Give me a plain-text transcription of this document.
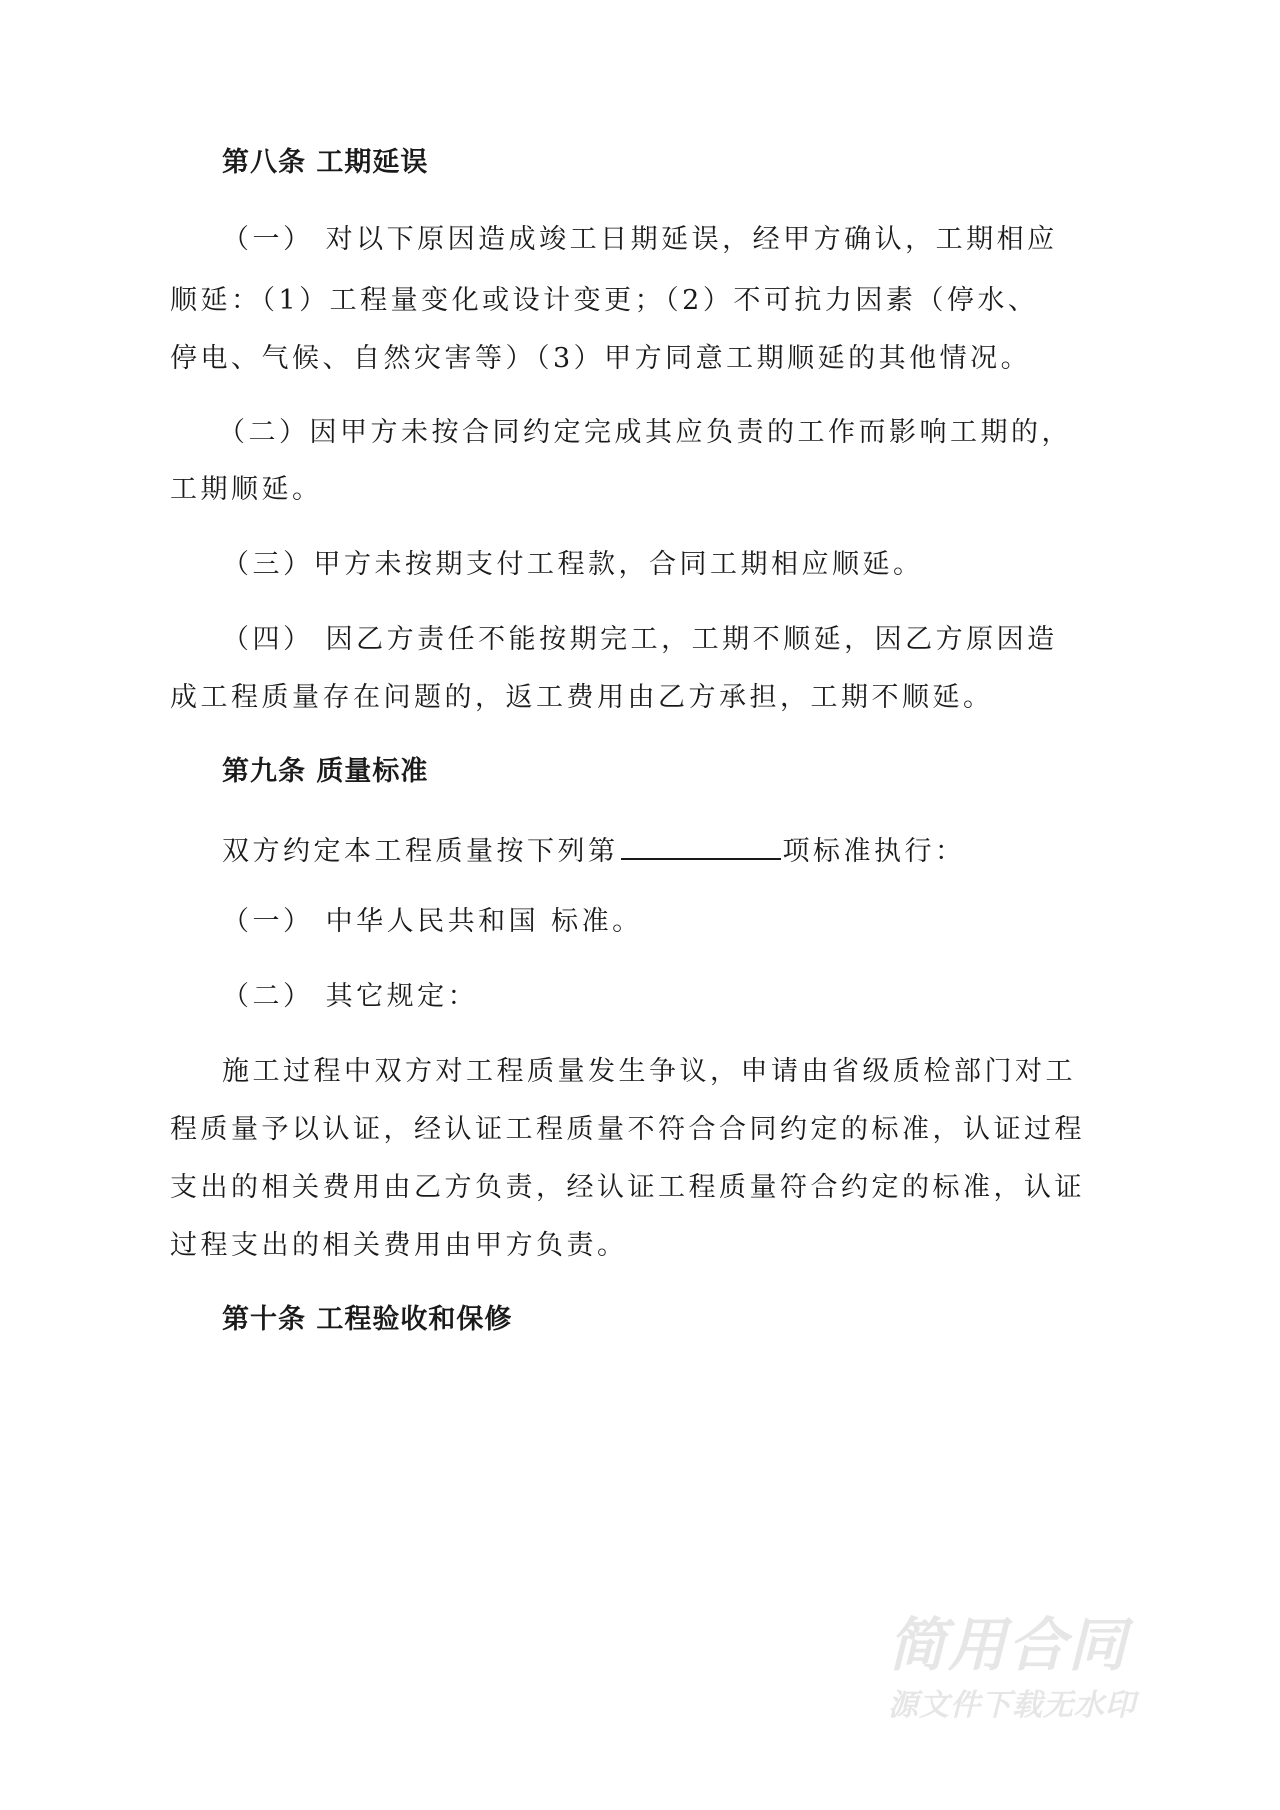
第八条 工期延误
（一） 对以下原因造成竣工日期延误，经甲方确认，工期相应
顺延：（1）工程量变化或设计变更；（2）不可抗力因素（停水、
停电、气候、自然灾害等）（3）甲方同意工期顺延的其他情况。
（二）因甲方未按合同约定完成其应负责的工作而影响工期的，
工期顺延。
（三）甲方未按期支付工程款，合同工期相应顺延。
（四） 因乙方责任不能按期完工，工期不顺延，因乙方原因造
成工程质量存在问题的，返工费用由乙方承担，工期不顺延。
第九条 质量标准
双方约定本工程质量按下列第	项标准执行：
（一） 中华人民共和国 标准。
（二） 其它规定：
施工过程中双方对工程质量发生争议，申请由省级质检部门对工
程质量予以认证，经认证工程质量不符合合同约定的标准，认证过程
支出的相关费用由乙方负责，经认证工程质量符合约定的标准，认证
过程支出的相关费用由甲方负责。
第十条 工程验收和保修
简用合同
源文件下载无水印
